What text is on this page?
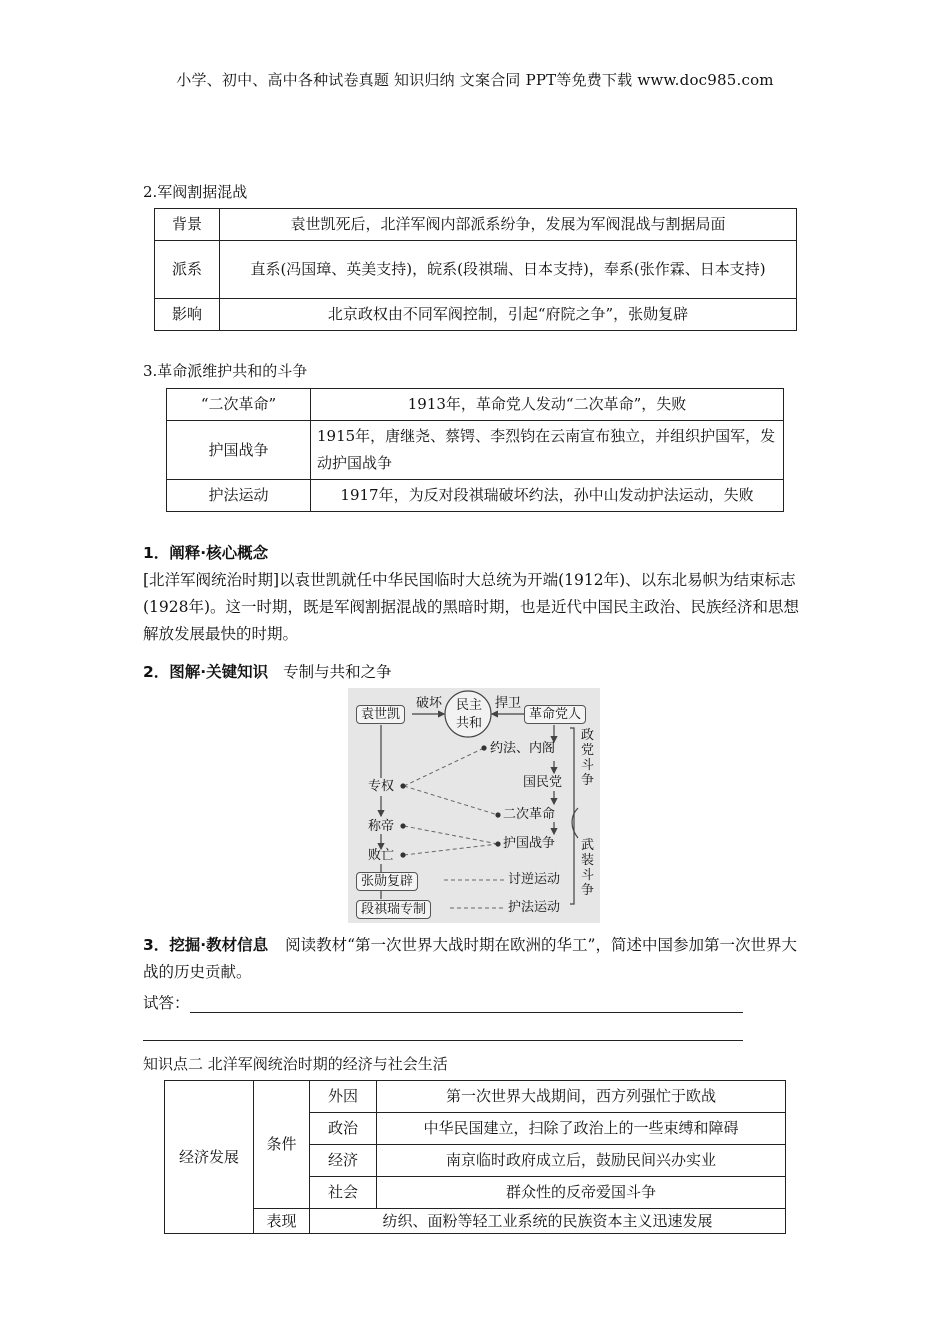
小学、初中、高中各种试卷真题 知识归纳 文案合同 PPT等免费下载 www.doc985.com
2.军阀割据混战
背景	袁世凯死后，北洋军阀内部派系纷争，发展为军阀混战与割据局面
派系	直系(冯国璋、英美支持)，皖系(段祺瑞、日本支持)，奉系(张作霖、日本支持)
影响	北京政权由不同军阀控制，引起“府院之争”，张勋复辟
3.革命派维护共和的斗争
“二次革命”	1913年，革命党人发动“二次革命”，失败
护国战争	1915年，唐继尧、蔡锷、李烈钧在云南宣布独立，并组织护国军，发动护国战争
护法运动	1917年，为反对段祺瑞破坏约法，孙中山发动护法运动，失败
1．阐释·核心概念
[北洋军阀统治时期]以袁世凯就任中华民国临时大总统为开端(1912年)、以东北易帜为结束标志(1928年)。这一时期，既是军阀割据混战的黑暗时期，也是近代中国民主政治、民族经济和思想解放发展最快的时期。
2．图解·关键知识 专制与共和之争
袁世凯
破坏 民主
共和
捍卫
革命党人
约法、内阁
国民党
专权
二次革命
称帝
护国战争
败亡
张勋复辟	讨逆运动
段祺瑞专制	护法运动
政党斗争
武装斗争
3．挖掘·教材信息 阅读教材“第一次世界大战时期在欧洲的华工”，简述中国参加第一次世界大战的历史贡献。
试答：
知识点二 北洋军阀统治时期的经济与社会生活
经济发展	条件	外因	第一次世界大战期间，西方列强忙于欧战
		政治	中华民国建立，扫除了政治上的一些束缚和障碍
		经济	南京临时政府成立后，鼓励民间兴办实业
		社会	群众性的反帝爱国斗争
	表现	纺织、面粉等轻工业系统的民族资本主义迅速发展	
